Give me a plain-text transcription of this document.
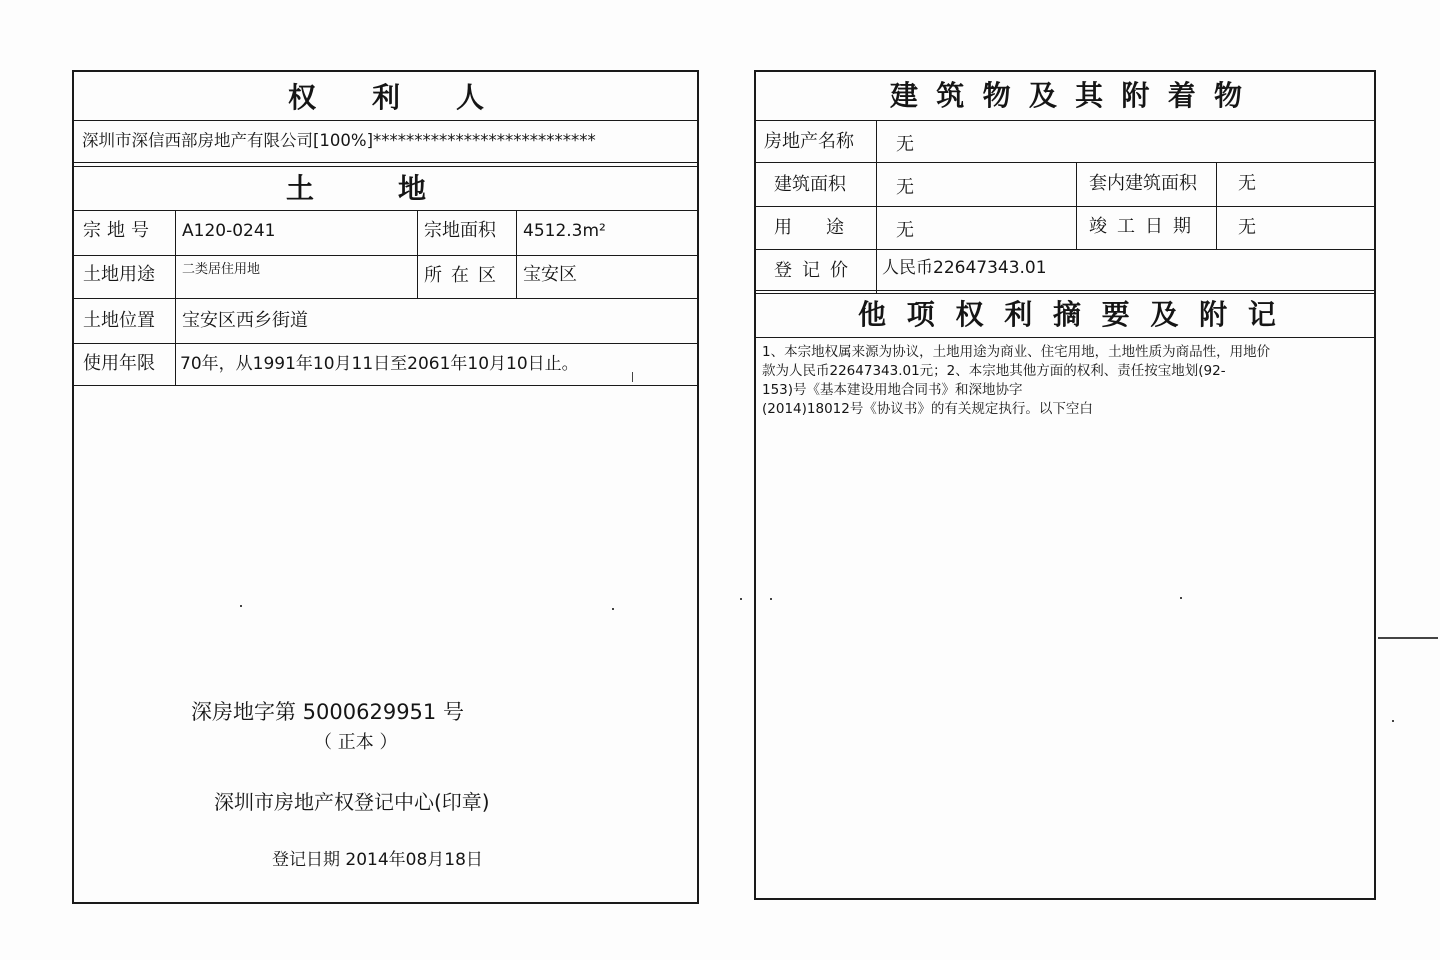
权 利 人
深圳市深信西部房地产有限公司[100%]***************************
土　　　地
宗地号 A120-0241	宗地面积 4512.3m²
土地用途 二类居住用地	所在区 宝安区
土地位置 宝安区西乡街道
使用年限 70年，从1991年10月11日至2061年10月10日止。
深房地字第 5000629951 号
（ 正本 ）
深圳市房地产权登记中心(印章)
登记日期 2014年08月18日
建 筑 物 及 其 附 着 物
房地产名称 无
建筑面积	无	套内建筑面积 无
用途 无	竣工日期 无
登记价 人民币22647343.01
他 项 权 利 摘 要 及 附 记
1、本宗地权属来源为协议，土地用途为商业、住宅用地，土地性质为商品性，用地价
款为人民币22647343.01元；2、本宗地其他方面的权利、责任按宝地划(92-
153)号《基本建设用地合同书》和深地协字
(2014)18012号《协议书》的有关规定执行。以下空白
